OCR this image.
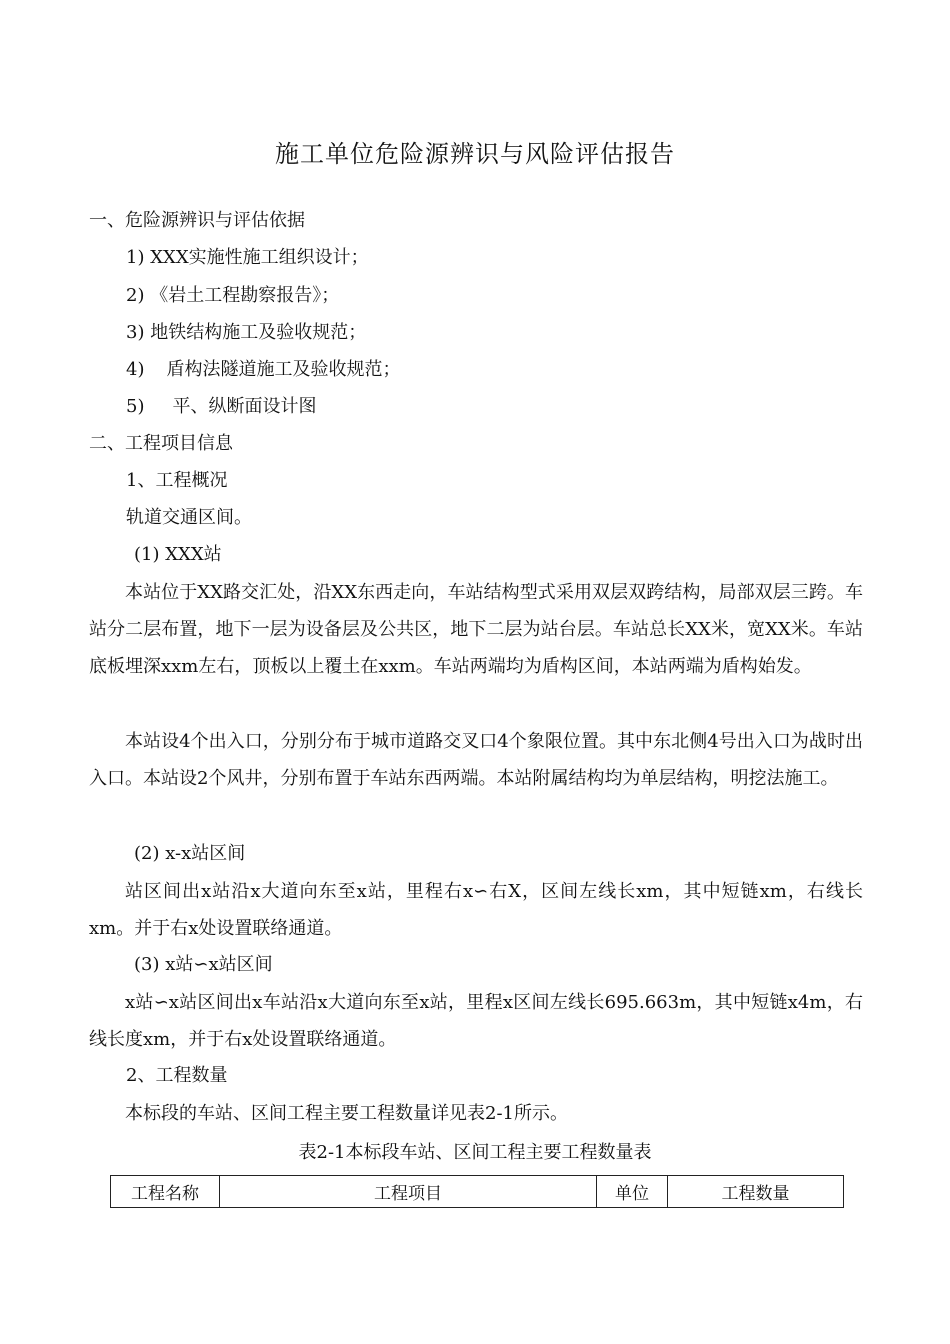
施工单位危险源辨识与风险评估报告
一、危险源辨识与评估依据
1) XXX实施性施工组织设计；
2) 《岩土工程勘察报告》；
3) 地铁结构施工及验收规范；
4) 盾构法隧道施工及验收规范；
5) 平、纵断面设计图
二、工程项目信息
1、工程概况
轨道交通区间。
(1) XXX站
本站位于XX路交汇处，沿XX东西走向，车站结构型式采用双层双跨结构，局部双层三跨。车站分二层布置，地下一层为设备层及公共区，地下二层为站台层。车站总长XX米，宽XX米。车站底板埋深xxm左右，顶板以上覆土在xxm。车站两端均为盾构区间，本站两端为盾构始发。
本站设4个出入口，分别分布于城市道路交叉口4个象限位置。其中东北侧4号出入口为战时出入口。本站设2个风井，分别布置于车站东西两端。本站附属结构均为单层结构，明挖法施工。
(2) x-x站区间
站区间出x站沿x大道向东至x站，里程右x∽右X，区间左线长xm，其中短链xm，右线长xm。并于右x处设置联络通道。
(3) x站∽x站区间
x站∽x站区间出x车站沿x大道向东至x站，里程x区间左线长695.663m，其中短链x4m，右线长度xm，并于右x处设置联络通道。
2、工程数量
本标段的车站、区间工程主要工程数量详见表2-1所示。
表2-1本标段车站、区间工程主要工程数量表
工程名称	工程项目	单位	工程数量
